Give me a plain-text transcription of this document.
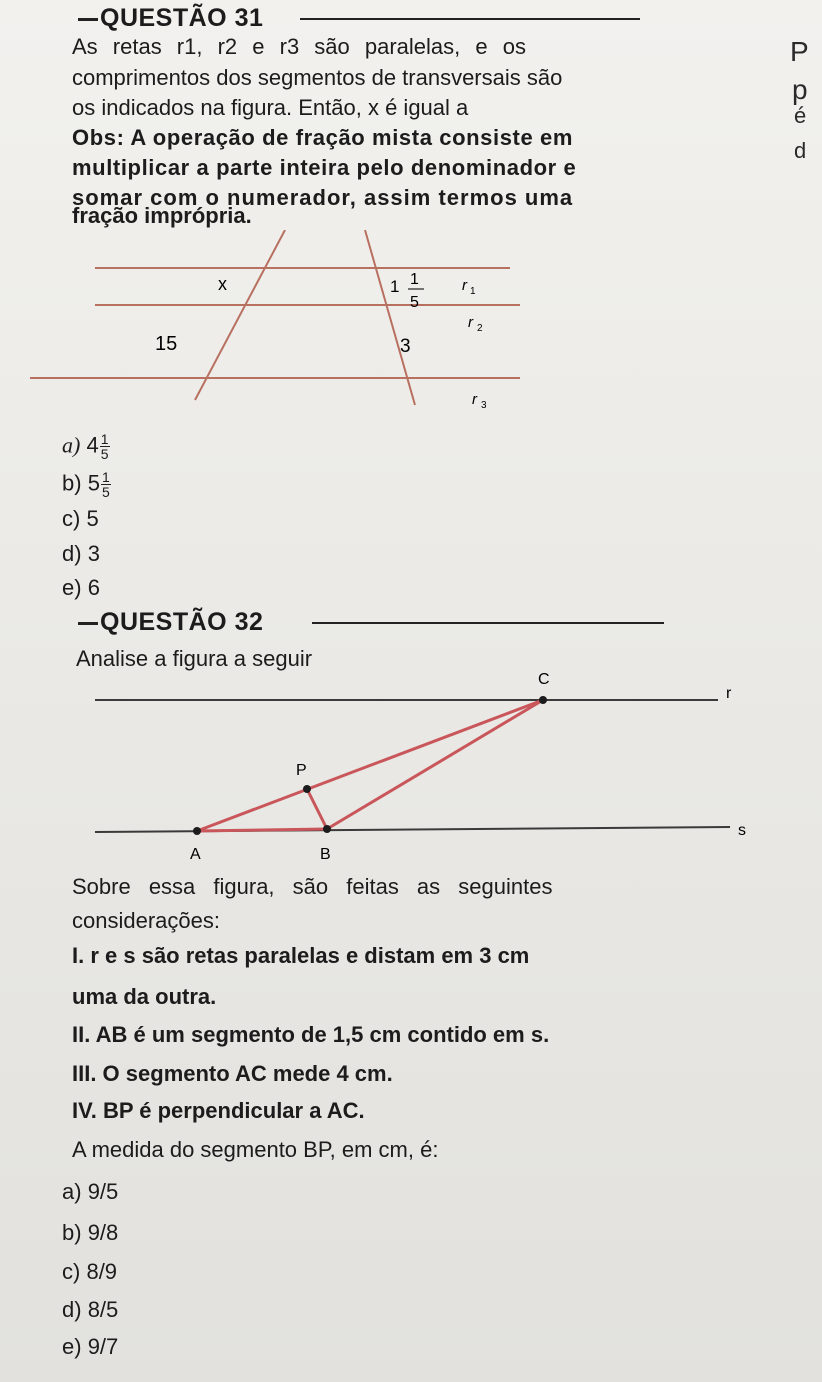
P
p
é
d
QUESTÃO 31
As retas r1, r2 e r3 são paralelas, e os
comprimentos dos segmentos de transversais são
os indicados na figura. Então, x é igual a
Obs: A operação de fração mista consiste em
multiplicar a parte inteira pelo denominador e
somar com o numerador, assim termos uma
fração imprópria.
x
15
1 1
5
3
r 1
r 2
r 3
a) $4 \frac{1}{5}$
b) $5 \frac{1}{5}$
c) 5
d) 3
e) 6
QUESTÃO 32
Analise a figura a seguir
C
r
P
s
A	B
Sobre essa figura, são feitas as seguintes
considerações:
I. r e s são retas paralelas e distam em 3 cm
uma da outra.
II. AB é um segmento de 1,5 cm contido em s.
III. O segmento AC mede 4 cm.
IV. BP é perpendicular a AC.
A medida do segmento BP, em cm, é:
a) 9/5
b) 9/8
c) 8/9
d) 8/5
e) 9/7
